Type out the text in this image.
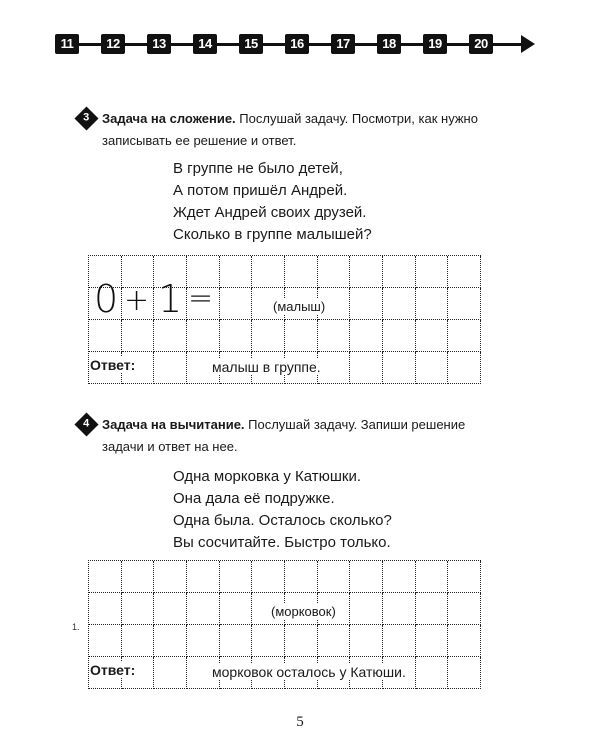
11	12	13	14	15	16	17	18	19	20
3 Задача на сложение. Послушай задачу. Посмотри, как нужно записывать ее решение и ответ.
В группе не было детей,
А потом пришёл Андрей.
Ждет Андрей своих друзей.
Сколько в группе малышей?
0 + 1 =	(малыш)
Ответ:	малыш в группе.
4 Задача на вычитание. Послушай задачу. Запиши решение задачи и ответ на нее.
Одна морковка у Катюшки.
Она дала её подружке.
Одна была. Осталось сколько?
Вы сосчитайте. Быстро только.
(морковок)
Ответ:	морковок осталось у Катюши.
1.
5
